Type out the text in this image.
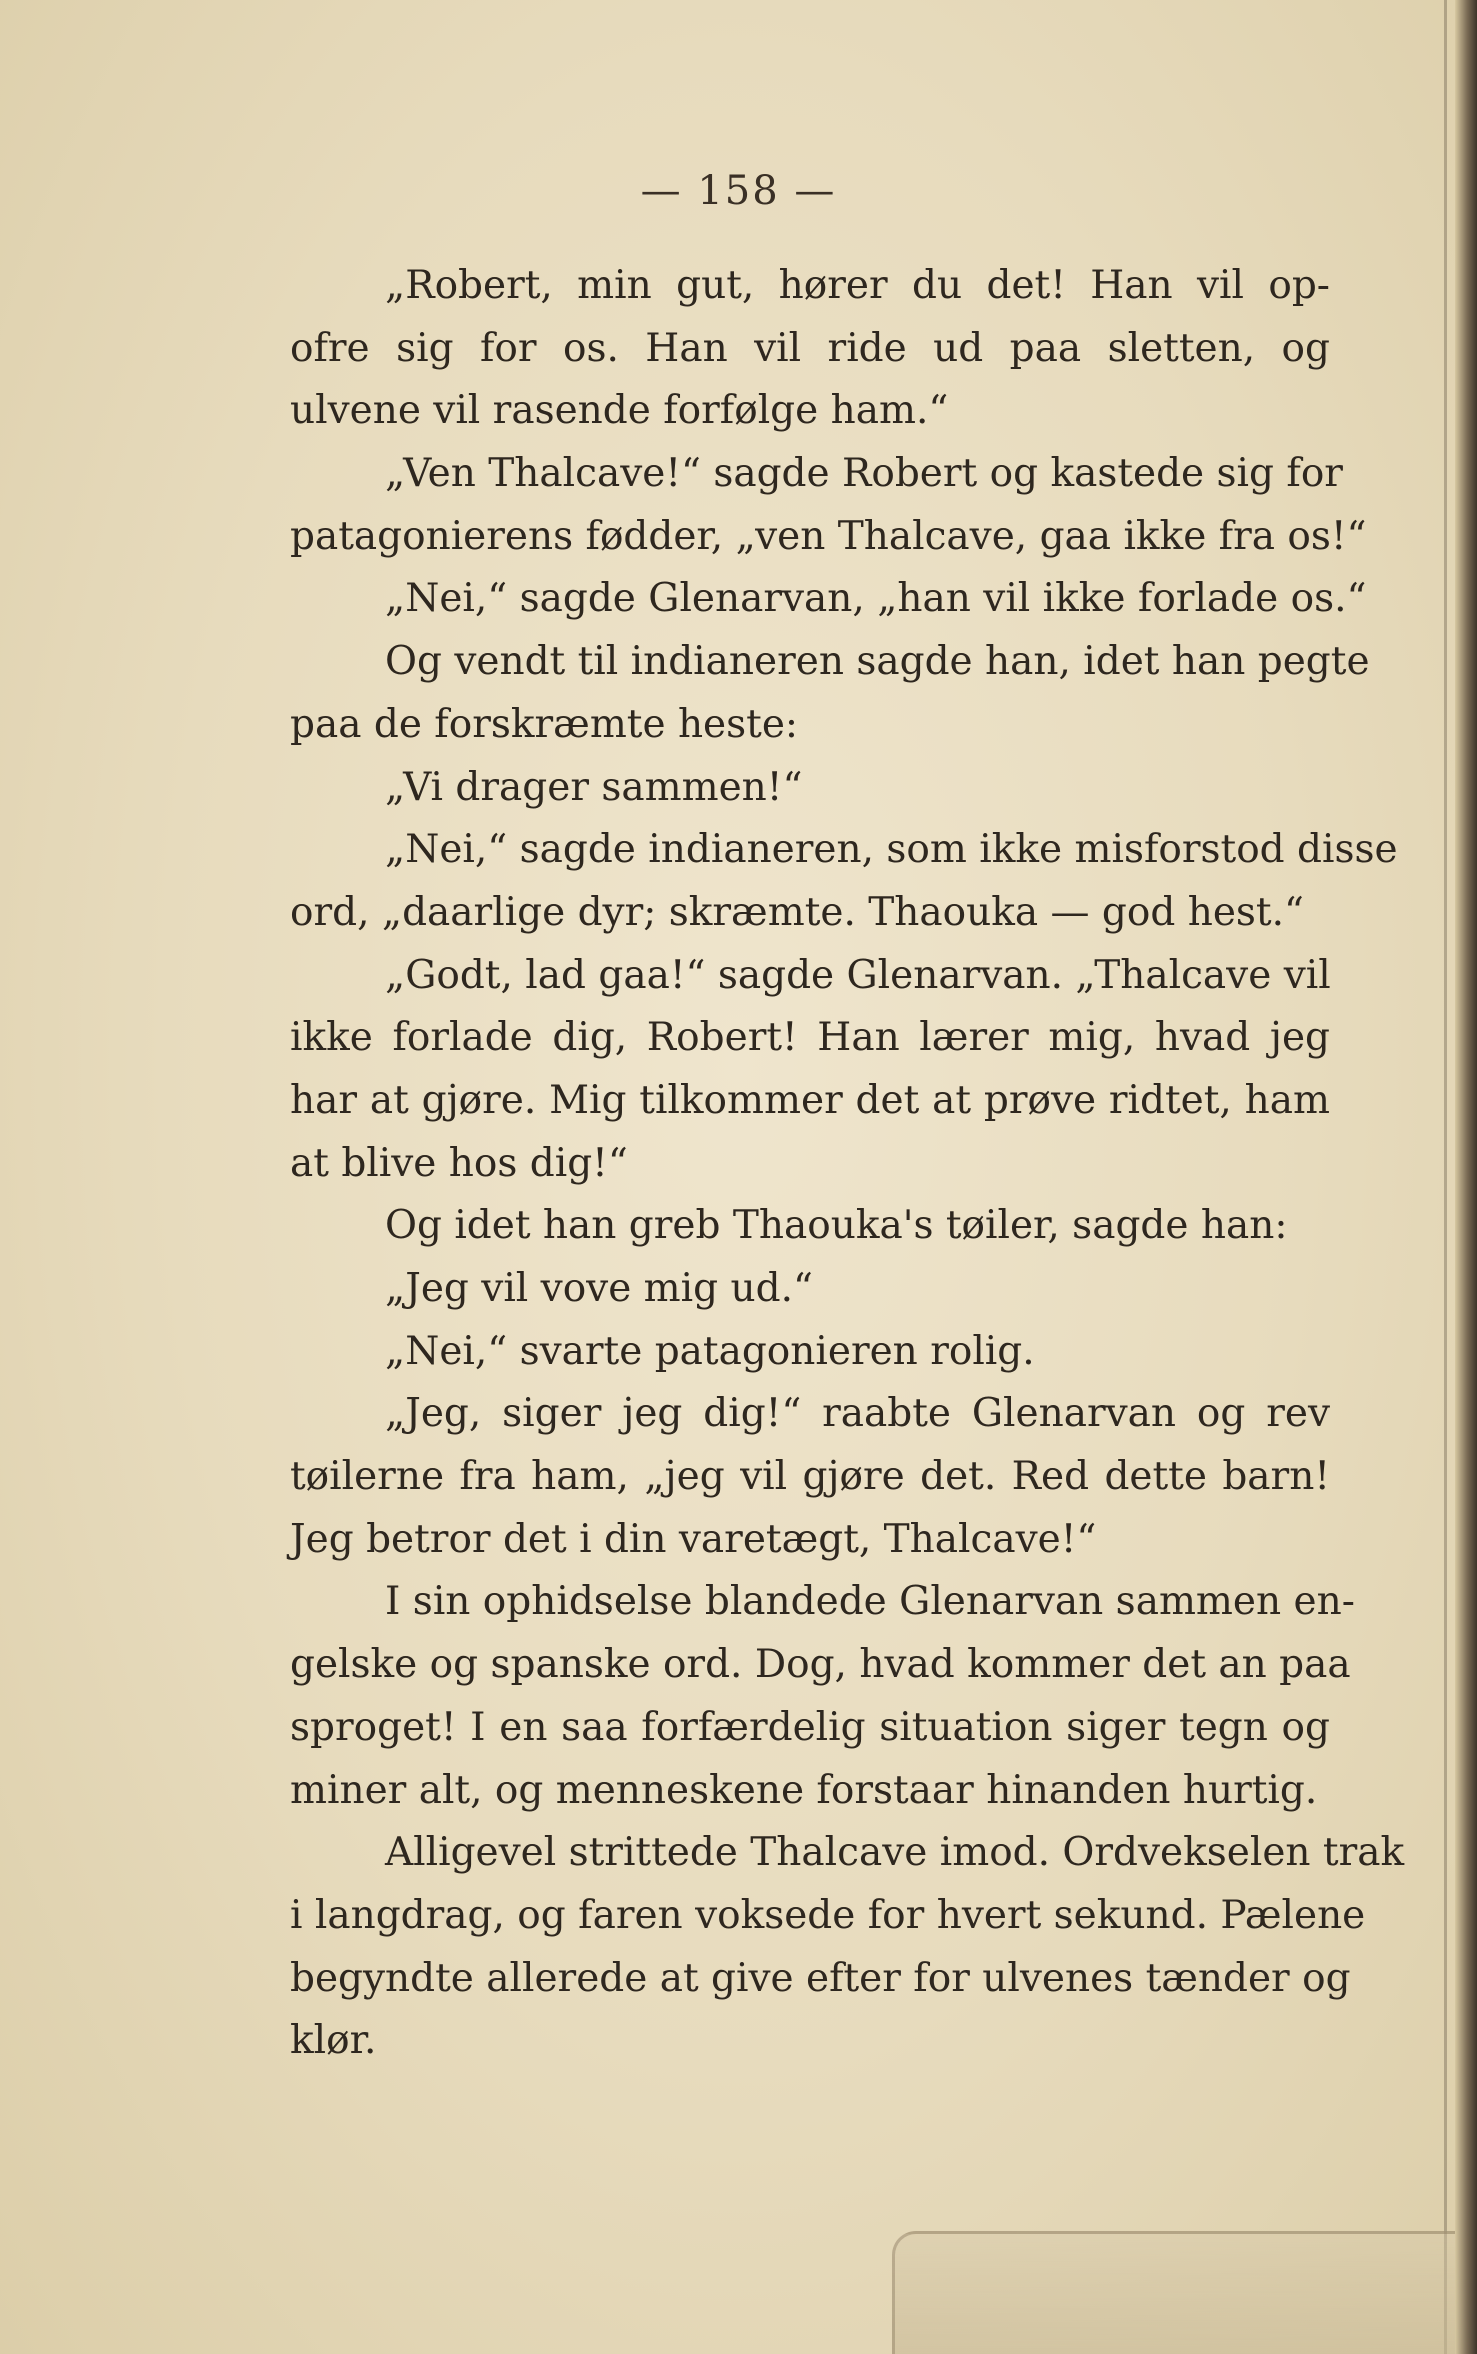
— 158 —
„Robert, min gut, hører du det! Han vil op-
ofre sig for os. Han vil ride ud paa sletten, og
ulvene vil rasende forfølge ham.“
„Ven Thalcave!“ sagde Robert og kastede sig for
patagonierens fødder, „ven Thalcave, gaa ikke fra os!“
„Nei,“ sagde Glenarvan, „han vil ikke forlade os.“
Og vendt til indianeren sagde han, idet han pegte
paa de forskræmte heste:
„Vi drager sammen!“
„Nei,“ sagde indianeren, som ikke misforstod disse
ord, „daarlige dyr; skræmte. Thaouka — god hest.“
„Godt, lad gaa!“ sagde Glenarvan. „Thalcave vil
ikke forlade dig, Robert! Han lærer mig, hvad jeg
har at gjøre. Mig tilkommer det at prøve ridtet, ham
at blive hos dig!“
Og idet han greb Thaouka's tøiler, sagde han:
„Jeg vil vove mig ud.“
„Nei,“ svarte patagonieren rolig.
„Jeg, siger jeg dig!“ raabte Glenarvan og rev
tøilerne fra ham, „jeg vil gjøre det. Red dette barn!
Jeg betror det i din varetægt, Thalcave!“
I sin ophidselse blandede Glenarvan sammen en-
gelske og spanske ord. Dog, hvad kommer det an paa
sproget! I en saa forfærdelig situation siger tegn og
miner alt, og menneskene forstaar hinanden hurtig.
Alligevel strittede Thalcave imod. Ordvekselen trak
i langdrag, og faren voksede for hvert sekund. Pælene
begyndte allerede at give efter for ulvenes tænder og
klør.
